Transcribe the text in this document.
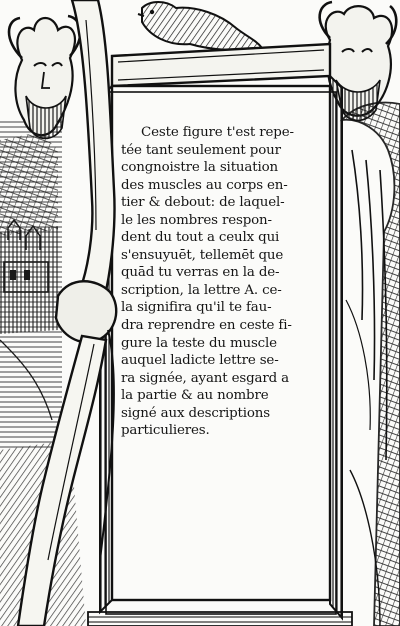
Ceste figure t'est repe-
tée tant seulement pour
congnoistre la situation
des muscles au corps en-
tier & debout: de laquel-
le les nombres respon-
dent du tout a ceulx qui
s'ensuyuēt, tellemēt que
quād tu verras en la de-
scription, la lettre A. ce-
la signifira qu'il te fau-
dra reprendre en ceste fi-
gure la teste du muscle
auquel ladicte lettre se-
ra signée, ayant esgard a
la partie & au nombre
signé aux descriptions
particulieres.
